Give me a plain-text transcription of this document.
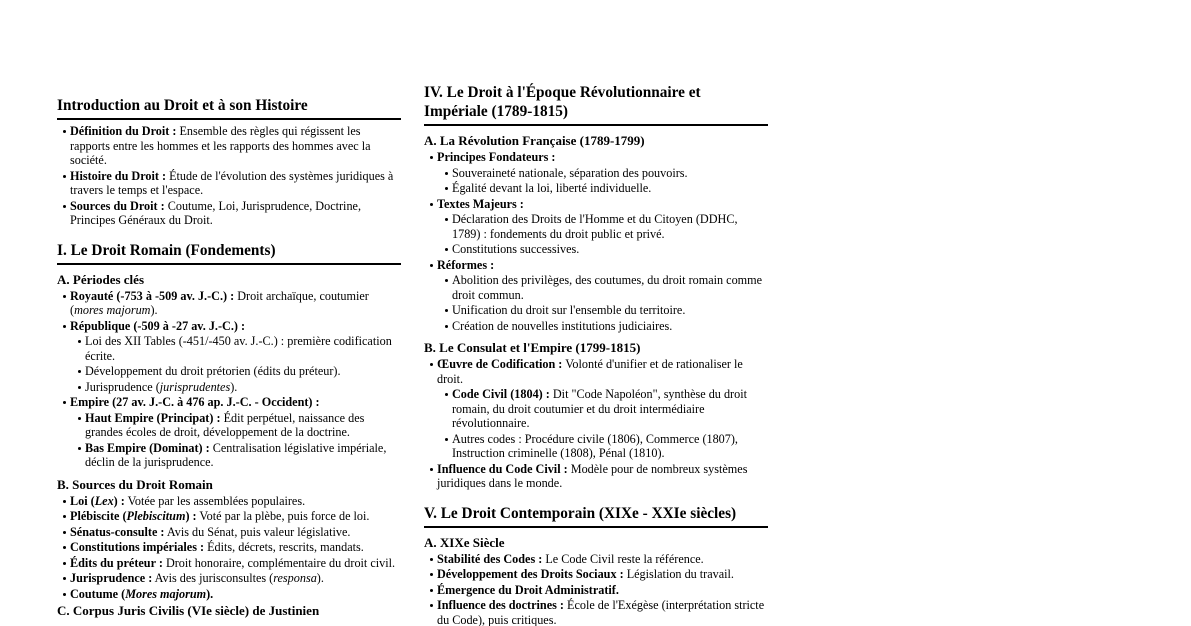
Introduction au Droit et à son Histoire
Définition du Droit : Ensemble des règles qui régissent les rapports entre les hommes et les rapports des hommes avec la société.
Histoire du Droit : Étude de l'évolution des systèmes juridiques à travers le temps et l'espace.
Sources du Droit : Coutume, Loi, Jurisprudence, Doctrine, Principes Généraux du Droit.
I. Le Droit Romain (Fondements)
A. Périodes clés
Royauté (-753 à -509 av. J.-C.) : Droit archaïque, coutumier (mores majorum).
République (-509 à -27 av. J.-C.) :
Loi des XII Tables (-451/-450 av. J.-C.) : première codification écrite.
Développement du droit prétorien (édits du préteur).
Jurisprudence (jurisprudentes).
Empire (27 av. J.-C. à 476 ap. J.-C. - Occident) :
Haut Empire (Principat) : Édit perpétuel, naissance des grandes écoles de droit, développement de la doctrine.
Bas Empire (Dominat) : Centralisation législative impériale, déclin de la jurisprudence.
B. Sources du Droit Romain
Loi (Lex) : Votée par les assemblées populaires.
Plébiscite (Plebiscitum) : Voté par la plèbe, puis force de loi.
Sénatus-consulte : Avis du Sénat, puis valeur législative.
Constitutions impériales : Édits, décrets, rescrits, mandats.
Édits du préteur : Droit honoraire, complémentaire du droit civil.
Jurisprudence : Avis des jurisconsultes (responsa).
Coutume (Mores majorum).
C. Corpus Juris Civilis (VIe siècle) de Justinien
IV. Le Droit à l'Époque Révolutionnaire et Impériale (1789-1815)
A. La Révolution Française (1789-1799)
Principes Fondateurs :
Souveraineté nationale, séparation des pouvoirs.
Égalité devant la loi, liberté individuelle.
Textes Majeurs :
Déclaration des Droits de l'Homme et du Citoyen (DDHC, 1789) : fondements du droit public et privé.
Constitutions successives.
Réformes :
Abolition des privilèges, des coutumes, du droit romain comme droit commun.
Unification du droit sur l'ensemble du territoire.
Création de nouvelles institutions judiciaires.
B. Le Consulat et l'Empire (1799-1815)
Œuvre de Codification : Volonté d'unifier et de rationaliser le droit.
Code Civil (1804) : Dit "Code Napoléon", synthèse du droit romain, du droit coutumier et du droit intermédiaire révolutionnaire.
Autres codes : Procédure civile (1806), Commerce (1807), Instruction criminelle (1808), Pénal (1810).
Influence du Code Civil : Modèle pour de nombreux systèmes juridiques dans le monde.
V. Le Droit Contemporain (XIXe - XXIe siècles)
A. XIXe Siècle
Stabilité des Codes : Le Code Civil reste la référence.
Développement des Droits Sociaux : Législation du travail.
Émergence du Droit Administratif.
Influence des doctrines : École de l'Exégèse (interprétation stricte du Code), puis critiques.
